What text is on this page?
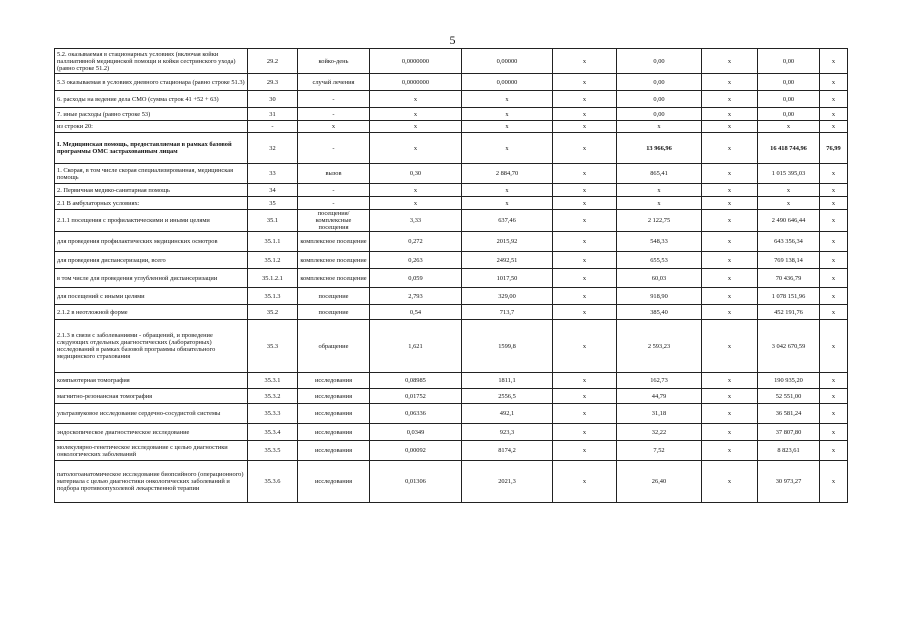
5
5.2. оказываемая в стационарных условиях (включая койки паллиативной медицинской помощи и койки сестринского ухода) (равно строке 51.2)	29.2	койко-день	0,0000000	0,00000	х	0,00	х	0,00	х
5.3 оказываемая в условиях дневного стационара (равно строке 51.3)	29.3	случай лечения	0,0000000	0,00000	х	0,00	х	0,00	х
6. расходы на ведение дела СМО (сумма строк 41 +52 + 63)	30	-	х	х	х	0,00	х	0,00	х
7. иные расходы (равно строке 53)	31	-	х	х	х	0,00	х	0,00	х
из строки 20:	-	х	х	х	х	х	х	х	х
I. Медицинская помощь, предоставляемая в рамках базовой программы ОМС застрахованным лицам	32	-	х	х	х	13 966,96	х	16 418 744,96	76,99
1. Скорая, в том числе скорая специализированная, медицинская помощь	33	вызов	0,30	2 884,70	х	865,41	х	1 015 395,03	х
2. Первичная медико-санитарная помощь	34	-	х	х	х	х	х	х	х
2.1 В амбулаторных условиях:	35	-	х	х	х	х	х	х	х
2.1.1 посещения с профилактическими и иными целями	35.1	посещения/комплексные посещения	3,33	637,46	х	2 122,75	х	2 490 646,44	х
для проведения профилактических медицинских осмотров	35.1.1	комплексное посещение	0,272	2015,92	х	548,33	х	643 356,34	х
для проведения диспансеризации, всего	35.1.2	комплексное посещение	0,263	2492,51	х	655,53	х	769 138,14	х
в том числе для проведения углубленной диспансеризации	35.1.2.1	комплексное посещение	0,059	1017,50	х	60,03	х	70 436,79	х
для посещений с иными целями	35.1.3	посещение	2,793	329,00	х	918,90	х	1 078 151,96	х
2.1.2 в неотложной форме	35.2	посещение	0,54	713,7	х	385,40	х	452 191,76	х
2.1.3 в связи с заболеваниями - обращений, и проведение следующих отдельных диагностических (лабораторных) исследований в рамках базовой программы обязательного медицинского страхования	35.3	обращение	1,621	1599,8	х	2 593,23	х	3 042 670,59	х
компьютерная томография	35.3.1	исследования	0,08985	1811,1	х	162,73	х	190 935,20	х
магнитно-резонансная томография	35.3.2	исследования	0,01752	2556,5	х	44,79	х	52 551,00	х
ультразвуковое исследование сердечно-сосудистой системы	35.3.3	исследования	0,06336	492,1	х	31,18	х	36 581,24	х
эндоскопическое диагностическое исследование	35.3.4	исследования	0,0349	923,3	х	32,22	х	37 807,80	х
молекулярно-генетическое исследование с целью диагностики онкологических заболеваний	35.3.5	исследования	0,00092	8174,2	х	7,52	х	8 823,61	х
патологоанатомическое исследование биопсийного (операционного) материала с целью диагностики онкологических заболеваний и подбора противоопухолевой лекарственной терапии	35.3.6	исследования	0,01306	2021,3	х	26,40	х	30 973,27	х
